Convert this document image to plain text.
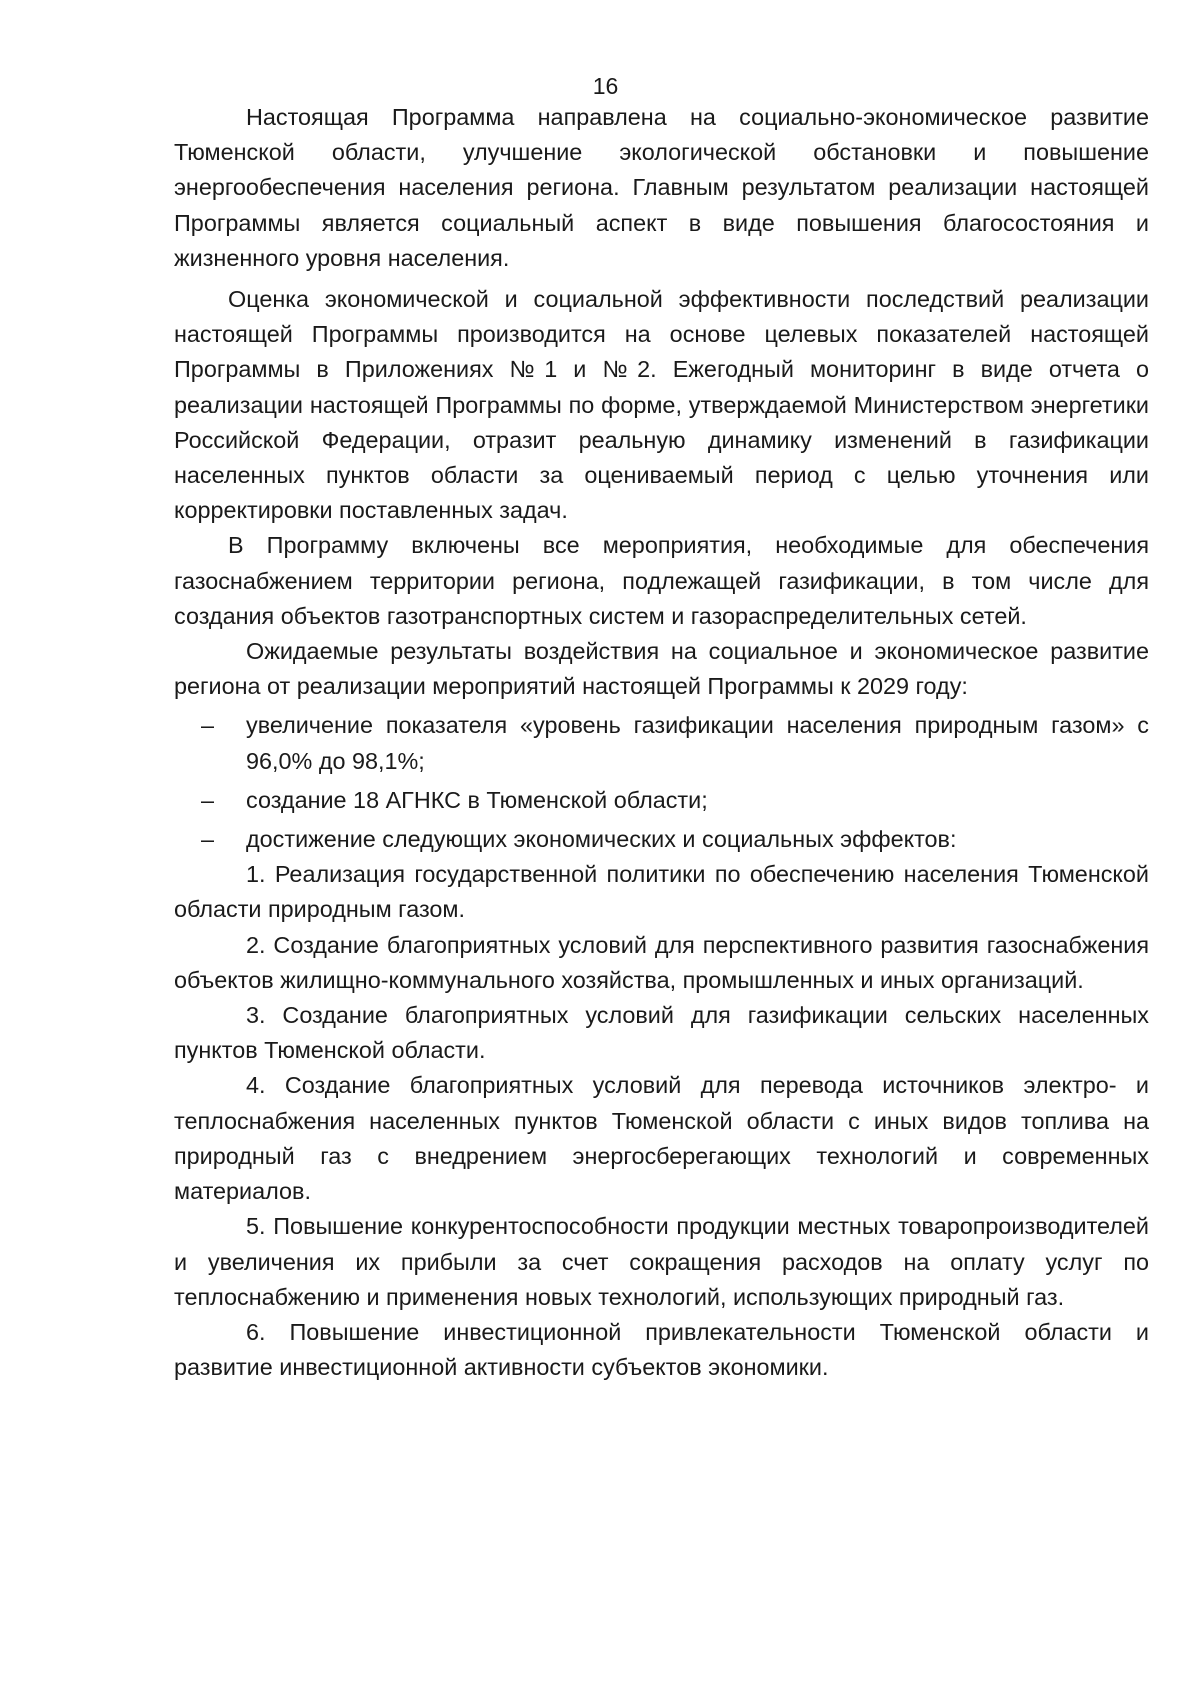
16

Настоящая Программа направлена на социально-экономическое развитие Тюменской области, улучшение экологической обстановки и повышение энергообеспечения населения региона. Главным результатом реализации настоящей Программы является социальный аспект в виде повышения благосостояния и жизненного уровня населения.

Оценка экономической и социальной эффективности последствий реализации настоящей Программы производится на основе целевых показателей настоящей Программы в Приложениях №1 и №2. Ежегодный мониторинг в виде отчета о реализации настоящей Программы по форме, утверждаемой Министерством энергетики Российской Федерации, отразит реальную динамику изменений в газификации населенных пунктов области за оцениваемый период с целью уточнения или корректировки поставленных задач.

В Программу включены все мероприятия, необходимые для обеспечения газоснабжением территории региона, подлежащей газификации, в том числе для создания объектов газотранспортных систем и газораспределительных сетей.

Ожидаемые результаты воздействия на социальное и экономическое развитие региона от реализации мероприятий настоящей Программы к 2029 году:

– увеличение показателя «уровень газификации населения природным газом» с 96,0% до 98,1%;
– создание 18 АГНКС в Тюменской области;
– достижение следующих экономических и социальных эффектов:

1. Реализация государственной политики по обеспечению населения Тюменской области природным газом.

2. Создание благоприятных условий для перспективного развития газоснабжения объектов жилищно-коммунального хозяйства, промышленных и иных организаций.

3. Создание благоприятных условий для газификации сельских населенных пунктов Тюменской области.

4. Создание благоприятных условий для перевода источников электро- и теплоснабжения населенных пунктов Тюменской области с иных видов топлива на природный газ с внедрением энергосберегающих технологий и современных материалов.

5. Повышение конкурентоспособности продукции местных товаропроизводителей и увеличения их прибыли за счет сокращения расходов на оплату услуг по теплоснабжению и применения новых технологий, использующих природный газ.

6. Повышение инвестиционной привлекательности Тюменской области и развитие инвестиционной активности субъектов экономики.
